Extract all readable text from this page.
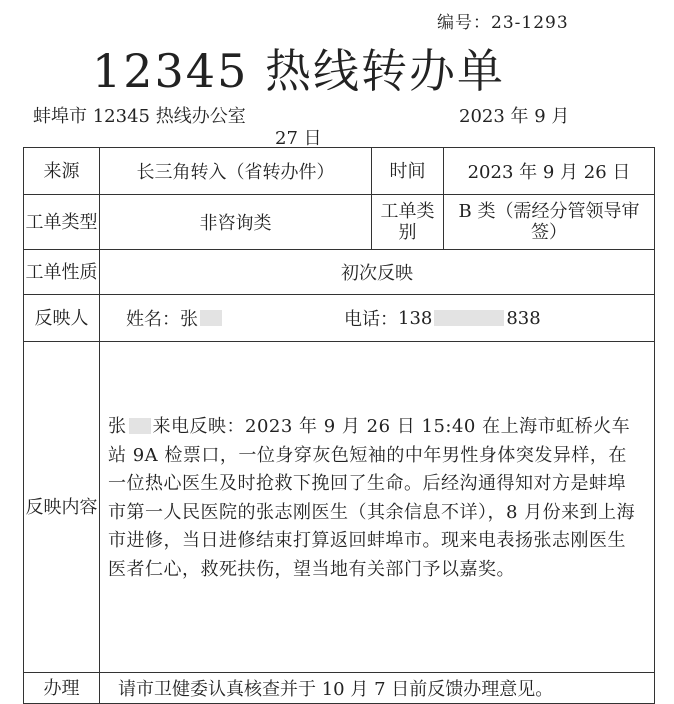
编号：23-1293
12345 热线转办单
蚌埠市 12345 热线办公室	2023 年 9 月
27 日
来源	长三角转入（省转办件）	时间	2023 年 9 月 26 日
工单类型	非咨询类	工单类别	B 类（需经分管领导审签）
工单性质	初次反映		
反映人	姓名： 张 电话： 138 838		

反映内容	张 来电反映：2023 年 9 月 26 日 15:40 在上海市虹桥火车站 9A 检票口，一位身穿灰色短袖的中年男性身体突发异样，在一位热心医生及时抢救下挽回了生命。后经沟通得知对方是蚌埠市第一人民医院的张志刚医生（其余信息不详），8 月份来到上海市进修，当日进修结束打算返回蚌埠市。现来电表扬张志刚医生医者仁心，救死扶伤，望当地有关部门予以嘉奖。		

办理	请市卫健委认真核查并于 10 月 7 日前反馈办理意见。		
